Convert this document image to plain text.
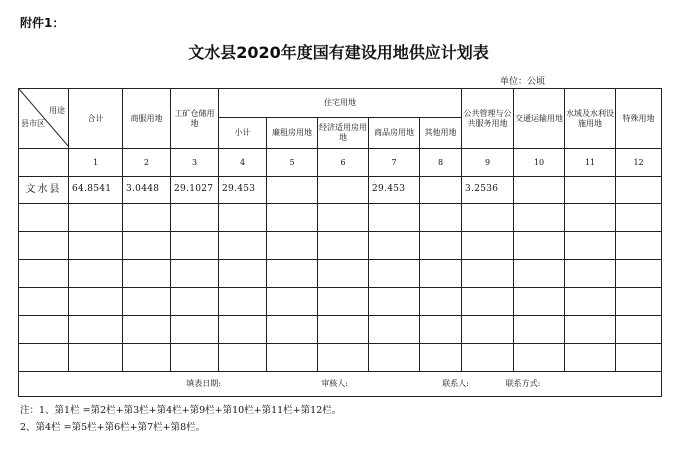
附件1：
文水县2020年度国有建设用地供应计划表
单位：公顷
用途
县市区	合计	商服用地	工矿仓储用地	住宅用地					公共管理与公共服务用地	交通运输用地	水域及水利设施用地	特殊用地
				小计	廉租房用地	经济适用房用地	商品房用地	其他用地				
	1	2	3	4	5	6	7	8	9	10	11	12
文水县	64.8541	3.0448	29.1027	29.453			29.453		3.2536			

填表日期: 审核人: 联系人: 联系方式:												
注：1、第1栏 =第2栏+第3栏+第4栏+第9栏+第10栏+第11栏+第12栏。
2、第4栏 =第5栏+第6栏+第7栏+第8栏。
